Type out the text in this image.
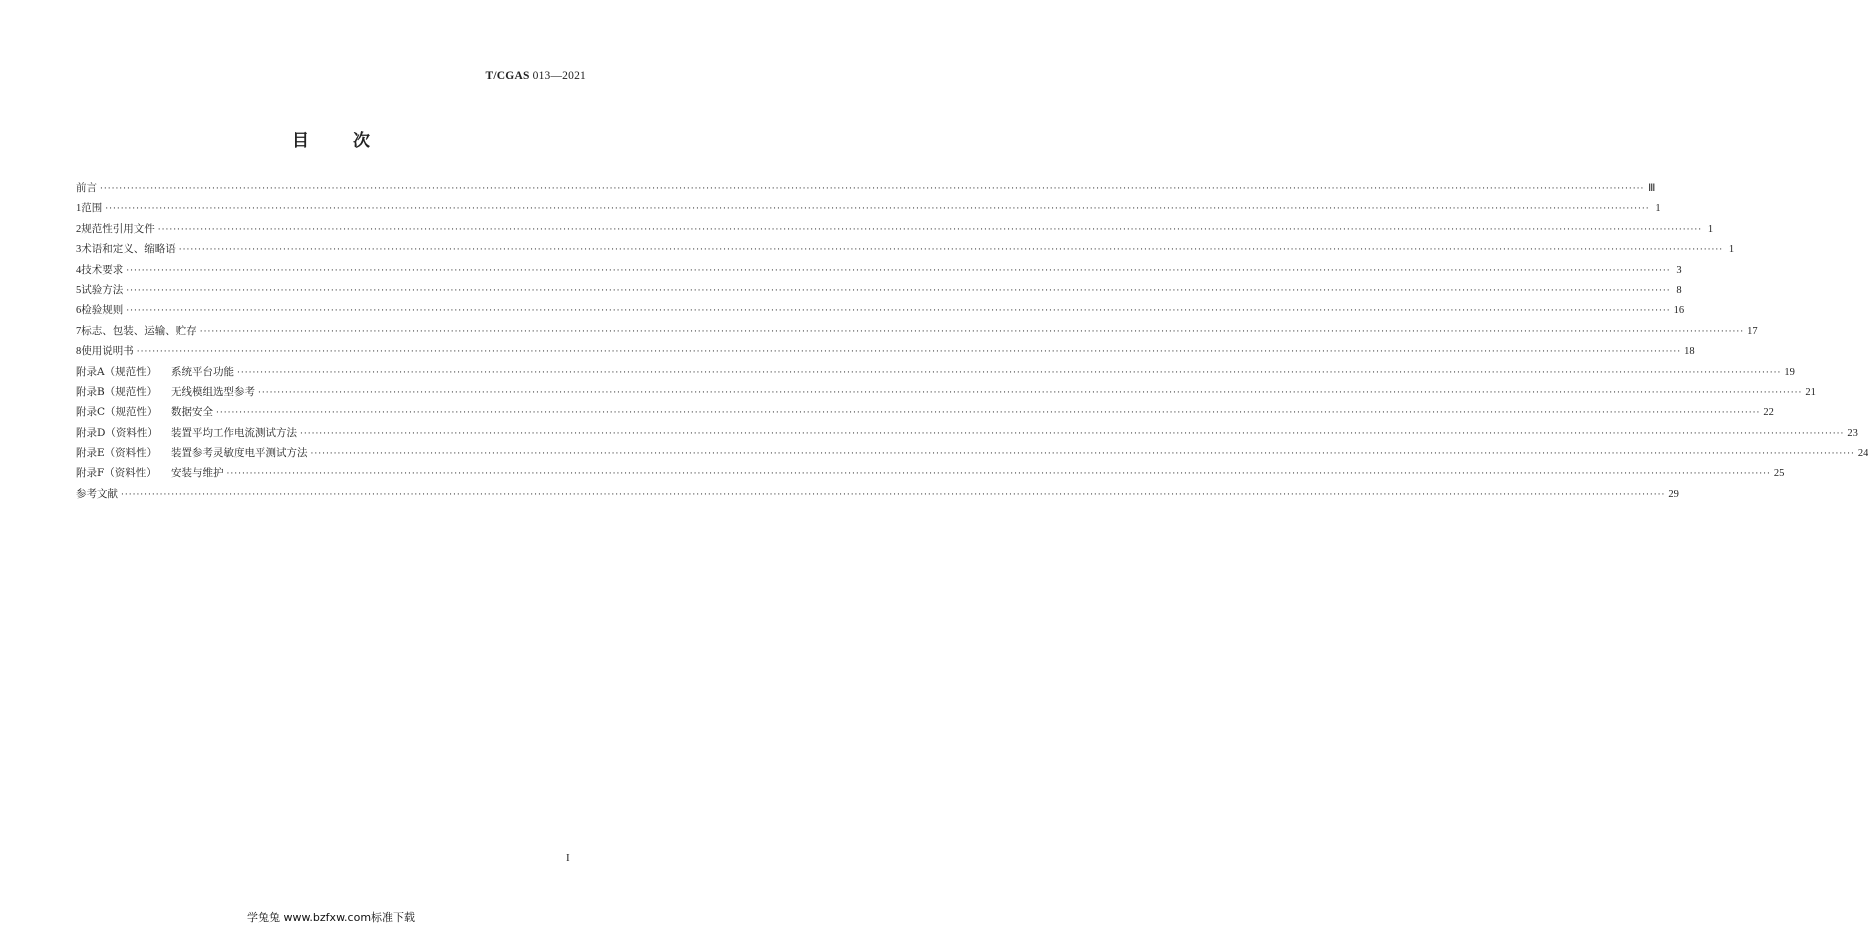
T/CGAS 013—2021
目次
前言 ················································································································································································································································································································································································································ Ⅲ
1 范围 ················································································································································································································································································································································································································ 1
2 规范性引用文件 ················································································································································································································································································································································································································ 1
3 术语和定义、缩略语 ················································································································································································································································································································································································································ 1
4 技术要求 ················································································································································································································································································································································································································ 3
5 试验方法 ················································································································································································································································································································································································································ 8
6 检验规则 ················································································································································································································································································································································································································ 16
7 标志、包装、运输、贮存 ················································································································································································································································································································································································································ 17
8 使用说明书 ················································································································································································································································································································································································································ 18
附录A（规范性）	系统平台功能 ················································································································································································································································································································································································································ 19
附录B（规范性）	无线模组选型参考 ················································································································································································································································································································································································································ 21
附录C（规范性）	数据安全 ················································································································································································································································································································································································································ 22
附录D（资料性）	装置平均工作电流测试方法 ················································································································································································································································································································································································································ 23
附录E（资料性）	装置参考灵敏度电平测试方法 ················································································································································································································································································································································································································ 24
附录F（资料性）	安装与维护 ················································································································································································································································································································································································································ 25
参考文献 ················································································································································································································································································································································································································ 29
I
学兔兔 www.bzfxw.com标准下载
